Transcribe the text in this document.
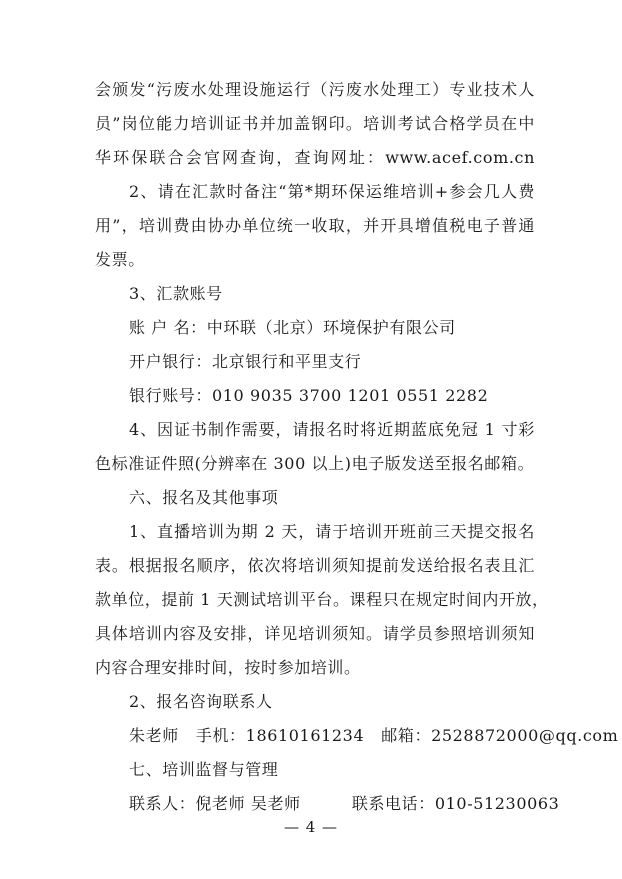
会颁发“污废水处理设施运行（污废水处理工）专业技术人
员”岗位能力培训证书并加盖钢印。培训考试合格学员在中
华环保联合会官网查询，查询网址：www.acef.com.cn
2、请在汇款时备注“第*期环保运维培训+参会几人费
用”，培训费由协办单位统一收取，并开具增值税电子普通
发票。
3、汇款账号
账 户 名：中环联（北京）环境保护有限公司
开户银行：北京银行和平里支行
银行账号：010 9035 3700 1201 0551 2282
4、因证书制作需要，请报名时将近期蓝底免冠 1 寸彩
色标准证件照(分辨率在 300 以上)电子版发送至报名邮箱。
六、报名及其他事项
1、直播培训为期 2 天，请于培训开班前三天提交报名
表。根据报名顺序，依次将培训须知提前发送给报名表且汇
款单位，提前 1 天测试培训平台。课程只在规定时间内开放，
具体培训内容及安排，详见培训须知。请学员参照培训须知
内容合理安排时间，按时参加培训。
2、报名咨询联系人
朱老师   手机：18610161234   邮箱：2528872000@qq.com
七、培训监督与管理
联系人：倪老师 吴老师         联系电话：010-51230063
— 4 —
